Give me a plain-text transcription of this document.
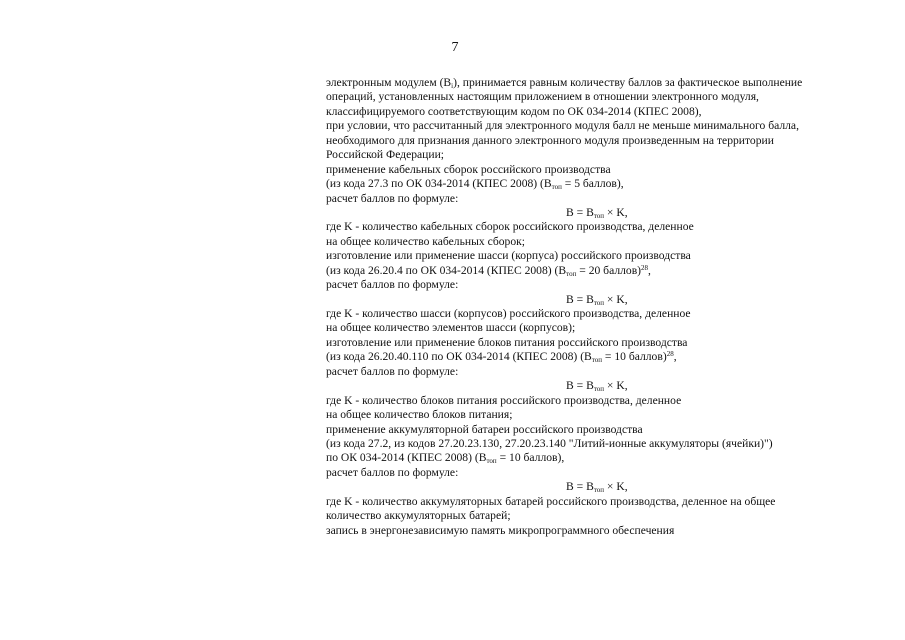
7
электронным модулем $(B_i)$, принимается равным количеству баллов за фактическое выполнение
операций, установленных настоящим приложением в отношении электронного модуля,
классифицируемого соответствующим кодом по ОК 034-2014 (КПЕС 2008),
при условии, что рассчитанный для электронного модуля балл не меньше минимального балла,
необходимого для признания данного электронного модуля произведенным на территории
Российской Федерации;
применение кабельных сборок российского производства
(из кода 27.3 по ОК 034-2014 (КПЕС 2008) ($B_{топ} = 5$ баллов),
расчет баллов по формуле:
$B = B_{топ} \times K$,
где K - количество кабельных сборок российского производства, деленное
на общее количество кабельных сборок;
изготовление или применение шасси (корпуса) российского производства
(из кода 26.20.4 по ОК 034-2014 (КПЕС 2008) ($B_{топ} = 20$ баллов)$^{28}$,
расчет баллов по формуле:
$B = B_{топ} \times K$,
где K - количество шасси (корпусов) российского производства, деленное
на общее количество элементов шасси (корпусов);
изготовление или применение блоков питания российского производства
(из кода 26.20.40.110 по ОК 034-2014 (КПЕС 2008) ($B_{топ} = 10$ баллов)$^{28}$,
расчет баллов по формуле:
$B = B_{топ} \times K$,
где K - количество блоков питания российского производства, деленное
на общее количество блоков питания;
применение аккумуляторной батареи российского производства
(из кода 27.2, из кодов 27.20.23.130, 27.20.23.140 "Литий-ионные аккумуляторы (ячейки)")
по ОК 034-2014 (КПЕС 2008) ($B_{топ} = 10$ баллов),
расчет баллов по формуле:
$B = B_{топ} \times K$,
где K - количество аккумуляторных батарей российского производства, деленное на общее
количество аккумуляторных батарей;
запись в энергонезависимую память микропрограммного обеспечения
